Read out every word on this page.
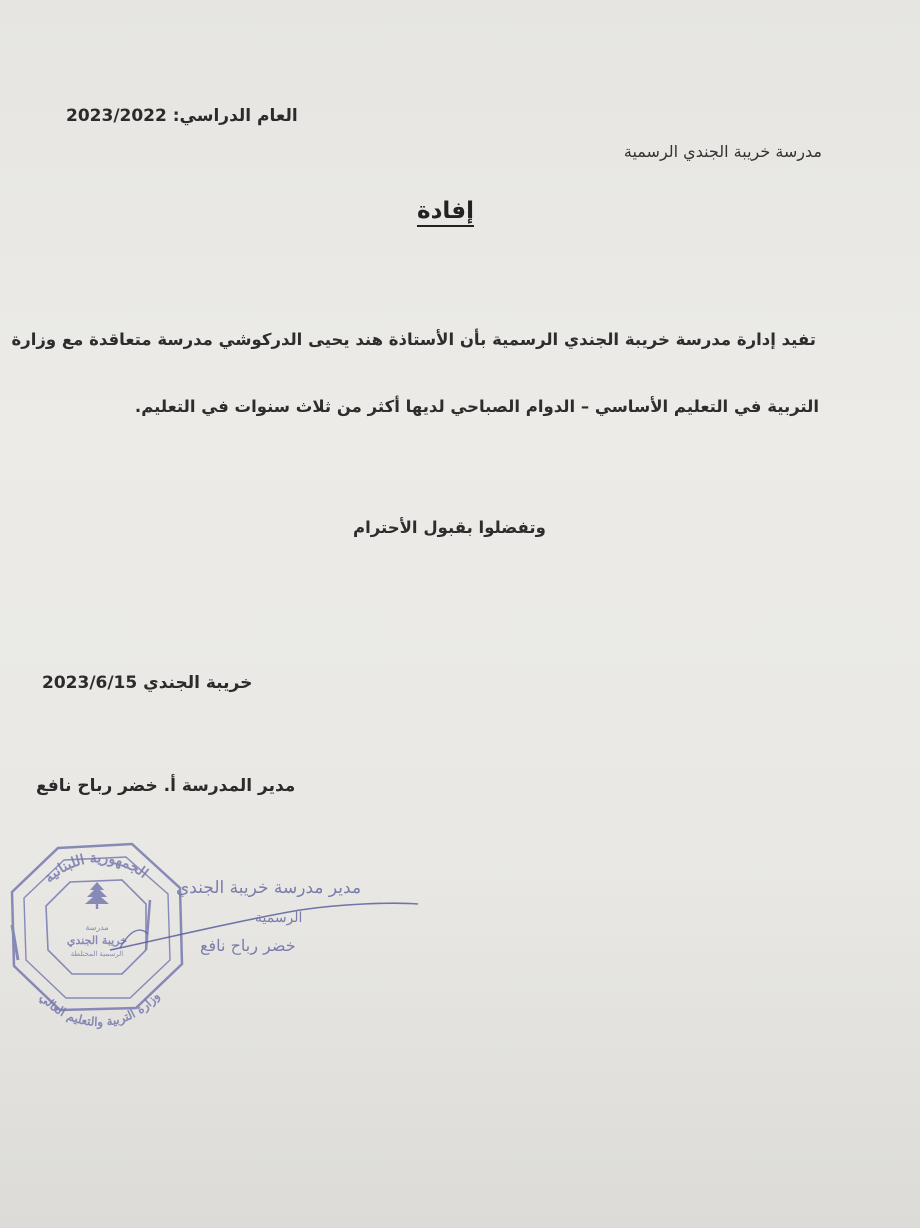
العام الدراسي: 2023/2022
مدرسة خريبة الجندي الرسمية
إفادة
تفيد إدارة مدرسة خريبة الجندي الرسمية بأن الأستاذة هند يحيى الدركوشي مدرسة متعاقدة مع وزارة
التربية في التعليم الأساسي – الدوام الصباحي لديها أكثر من ثلاث سنوات في التعليم.
وتفضلوا بقبول الأحترام
خريبة الجندي 2023/6/15
مدير المدرسة أ. خضر رباح نافع
الجمهورية اللبنانية
وزارة التربية والتعليم العالي
مدرسة
خريبة الجندي
الرسمية المختلطة
مدير مدرسة خريبة الجندي
الرسمية
خضر رباح نافع
